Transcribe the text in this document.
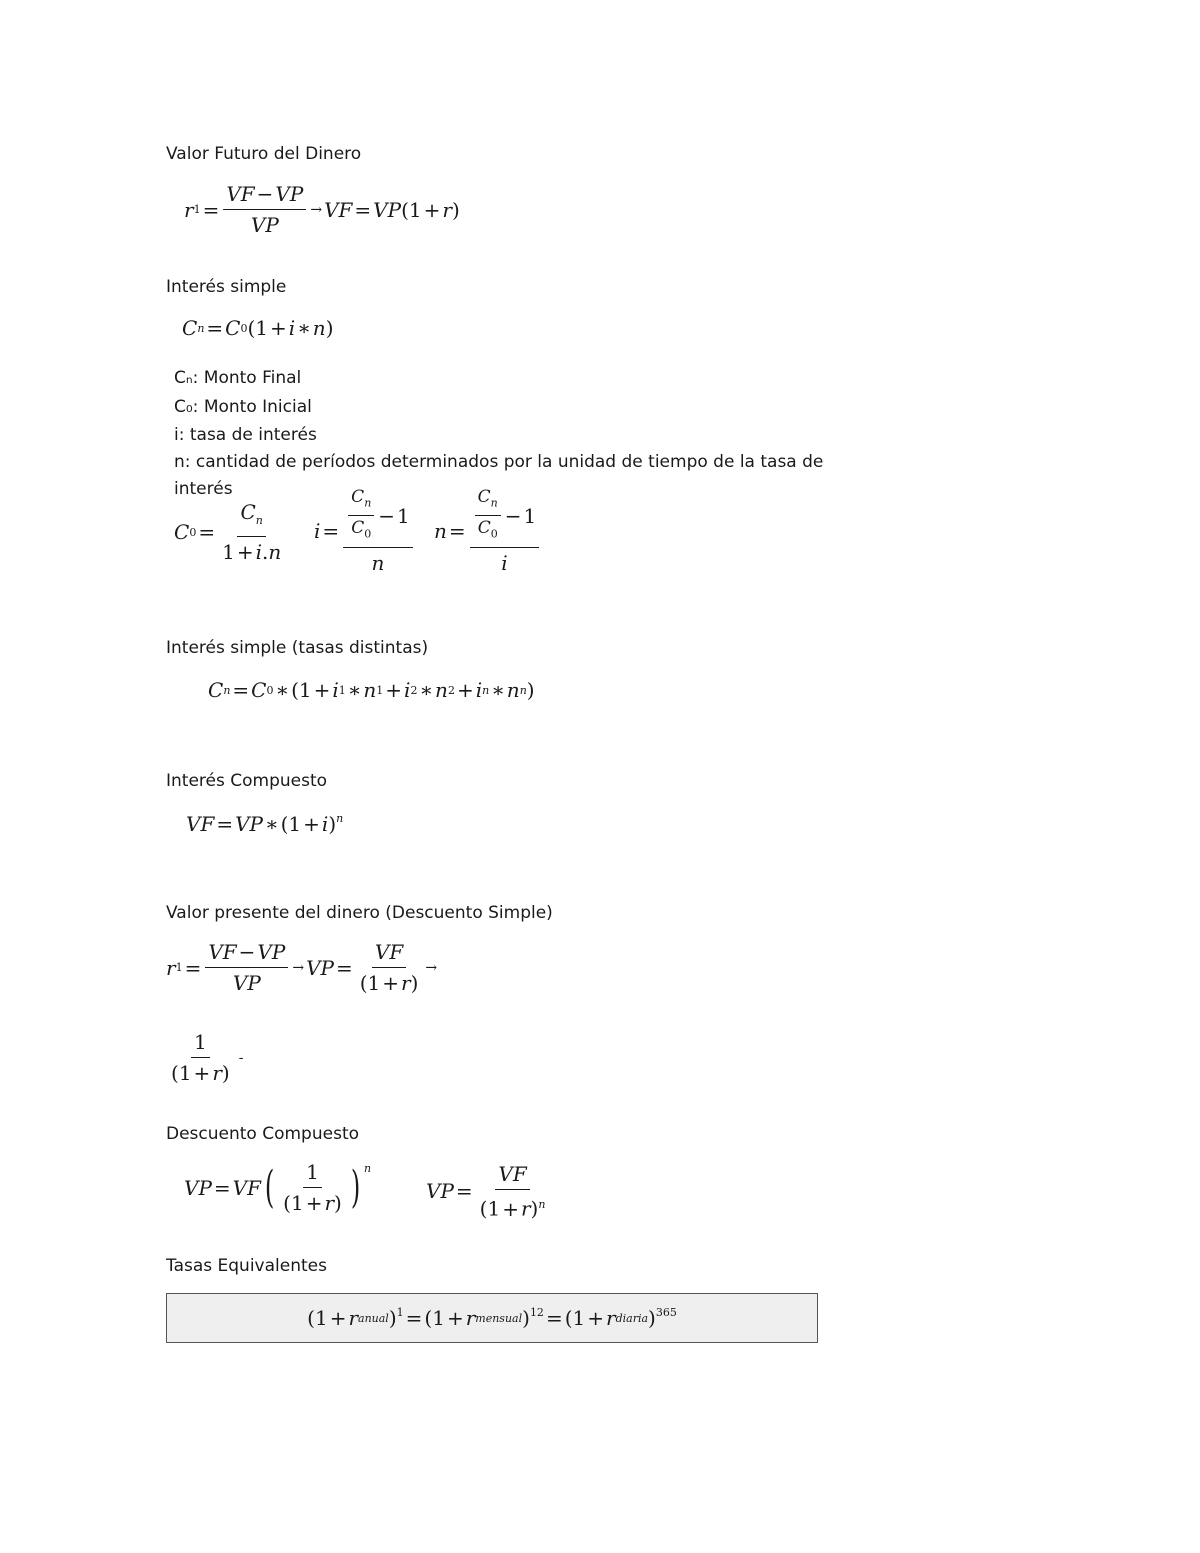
Valor Futuro del Dinero
r $1 = \frac{VF - VP}{VP}$ → VF = VP ( 1 + r )
Interés simple
C n = C 0 ( 1 + i ∗ n )
Cₙ: Monto Final
C₀: Monto Inicial
i: tasa de interés
n: cantidad de períodos determinados por la unidad de tiempo de la tasa de
interés
C $0 = \frac{C_n}{1 + i.n}$ $i = \frac{\frac{C_n}{C_0} - 1}{n}$ $n = \frac{\frac{C_n}{C_0} - 1}{i}$
Interés simple (tasas distintas)
C n = C 0 ∗ ( 1 + i 1 ∗ n 1 + i 2 ∗ n 2 + i n ∗ n n )
Interés Compuesto
VF = VP ∗ ( 1 + i )$^n$
Valor presente del dinero (Descuento Simple)
r $1 = \frac{VF - VP}{VP}$ → VP = $\frac{VF}{(1 + r)}$ →
$\frac{1}{(1 + r)}$ -
Descuento Compuesto
VP = VF ( $\frac{1}{(1 + r)}$ ) $^n$
VP = $\frac{VF}{(1 + r)^n}$
Tasas Equivalentes
( 1 + r anual )$^1$ = ( 1 + r mensual )$^{12}$ = ( 1 + r diaria )$^{365}$
